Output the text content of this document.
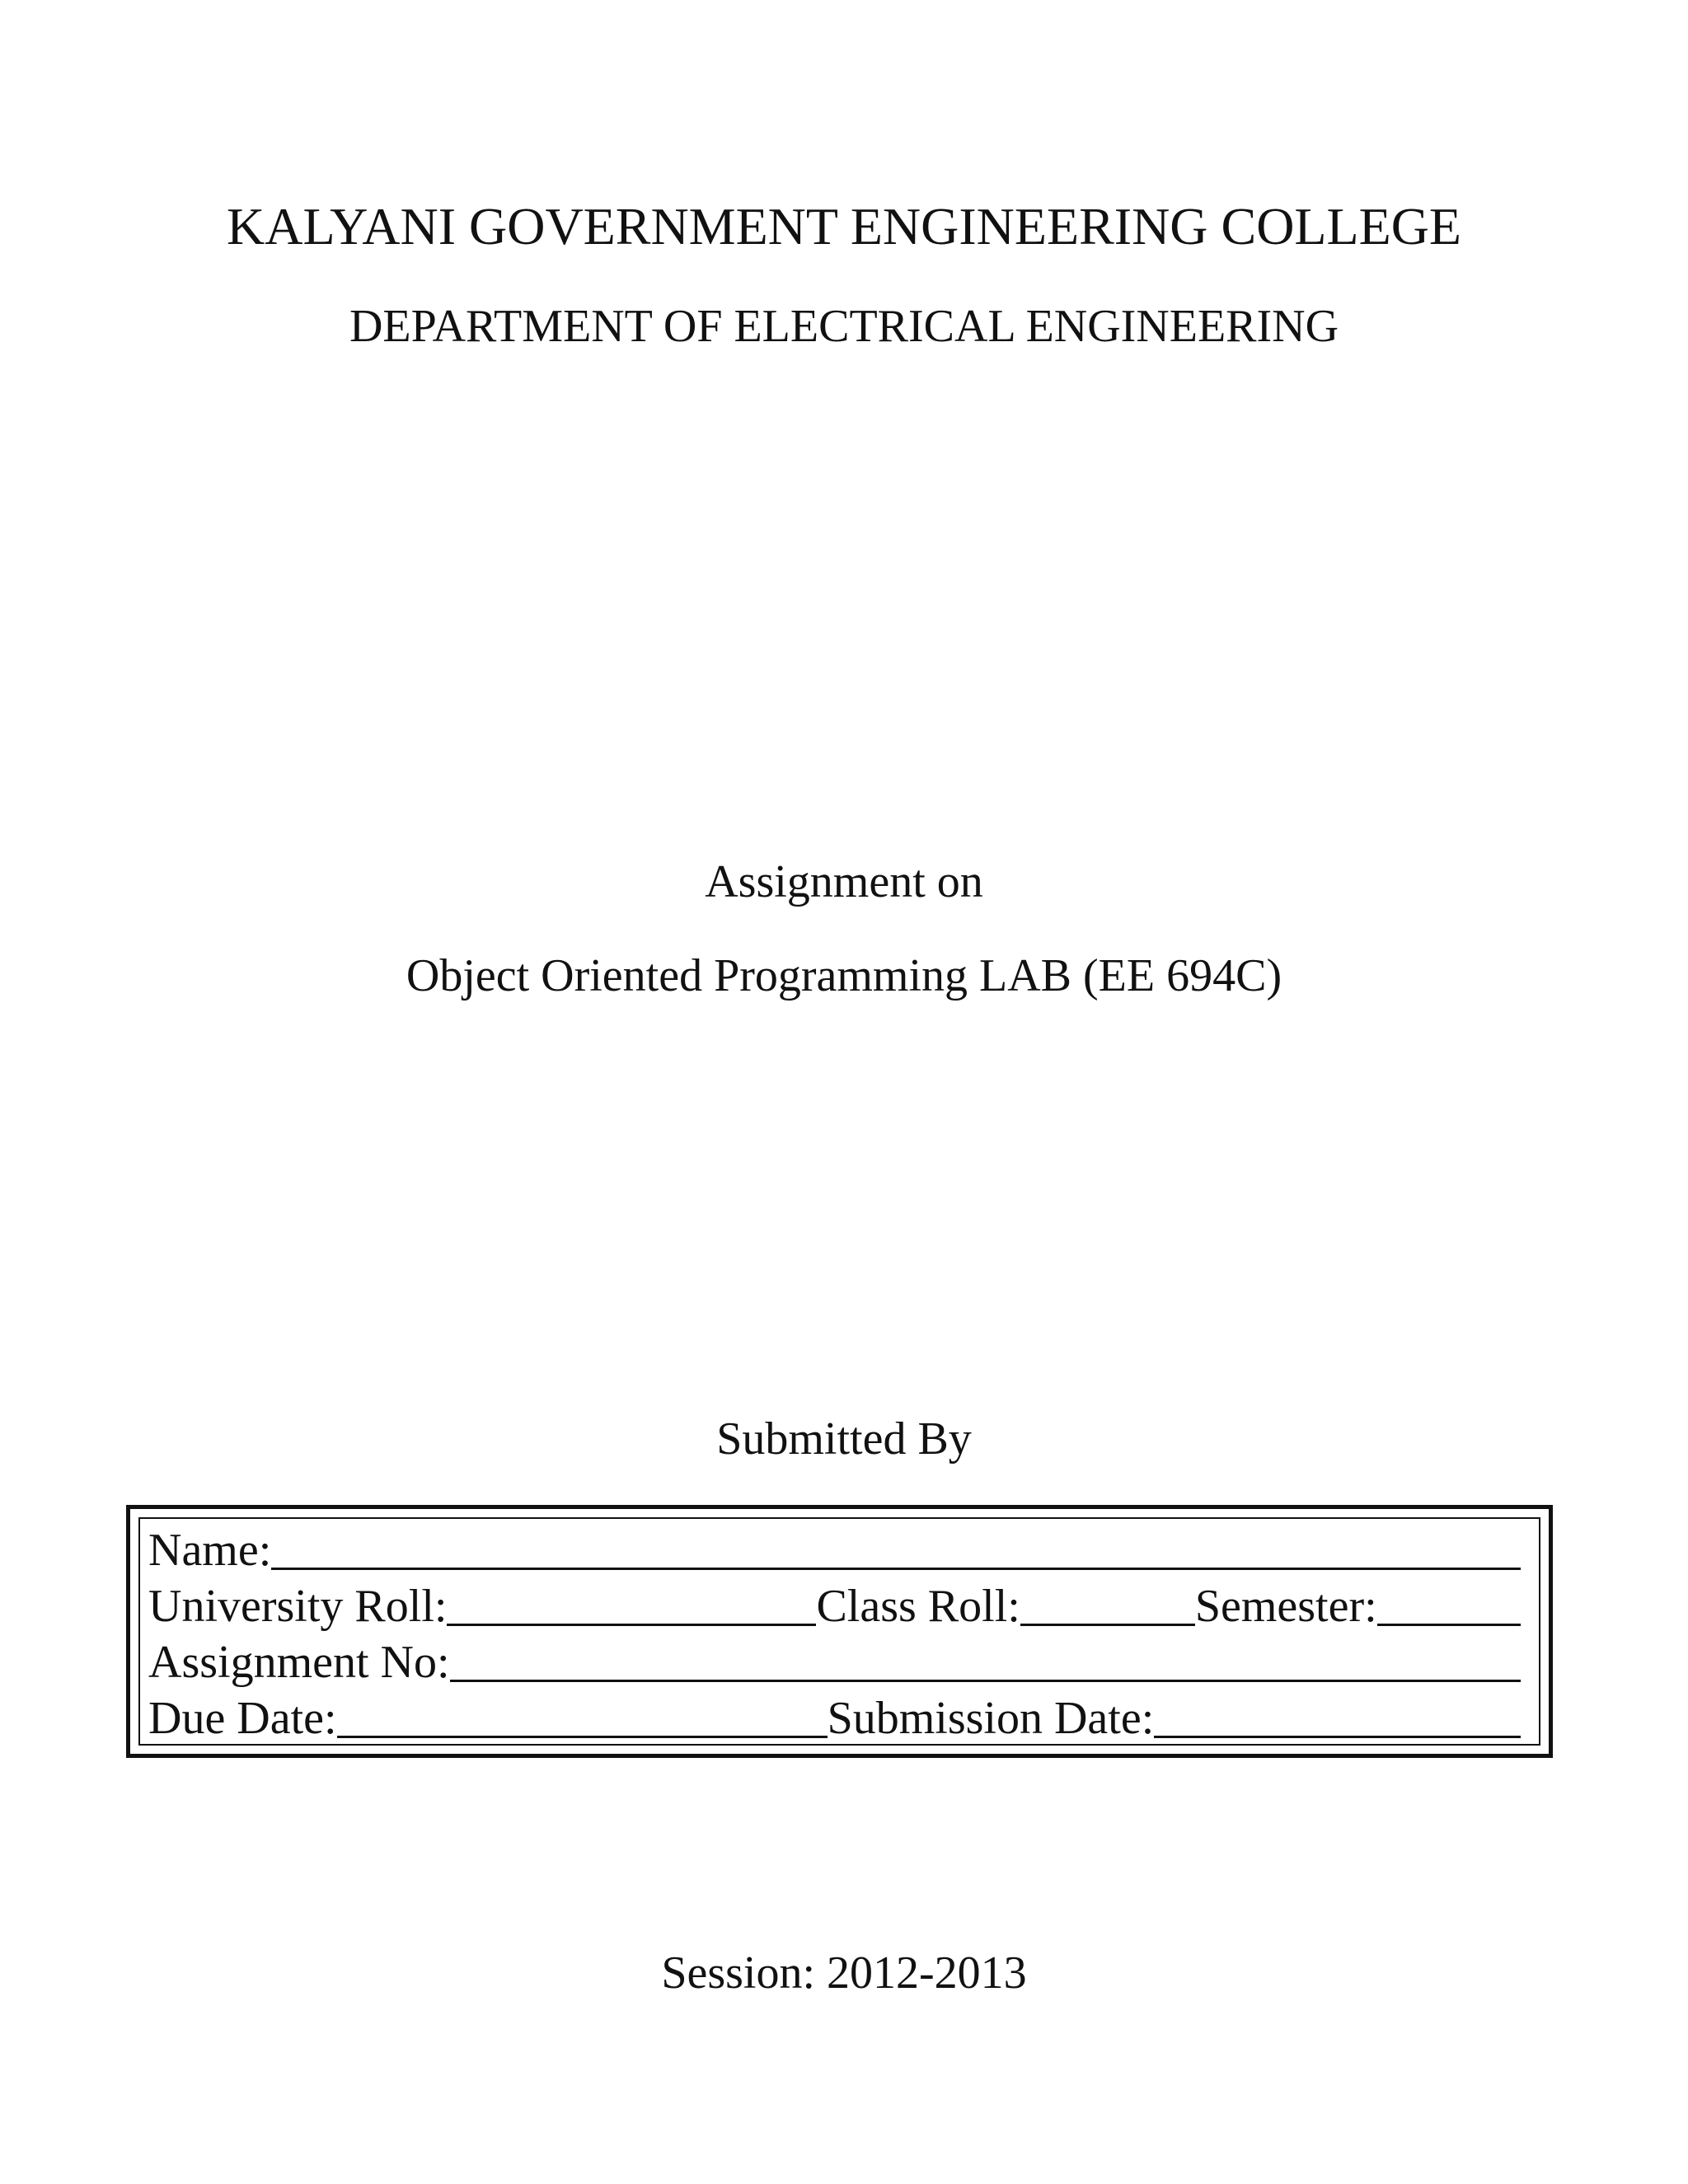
KALYANI GOVERNMENT ENGINEERING COLLEGE
DEPARTMENT OF ELECTRICAL ENGINEERING
Assignment on
Object Oriented Programming LAB (EE 694C)
Submitted By
Name:
University Roll:	Class Roll:	Semester:
Assignment No:
Due Date:	Submission Date:
Session: 2012-2013
